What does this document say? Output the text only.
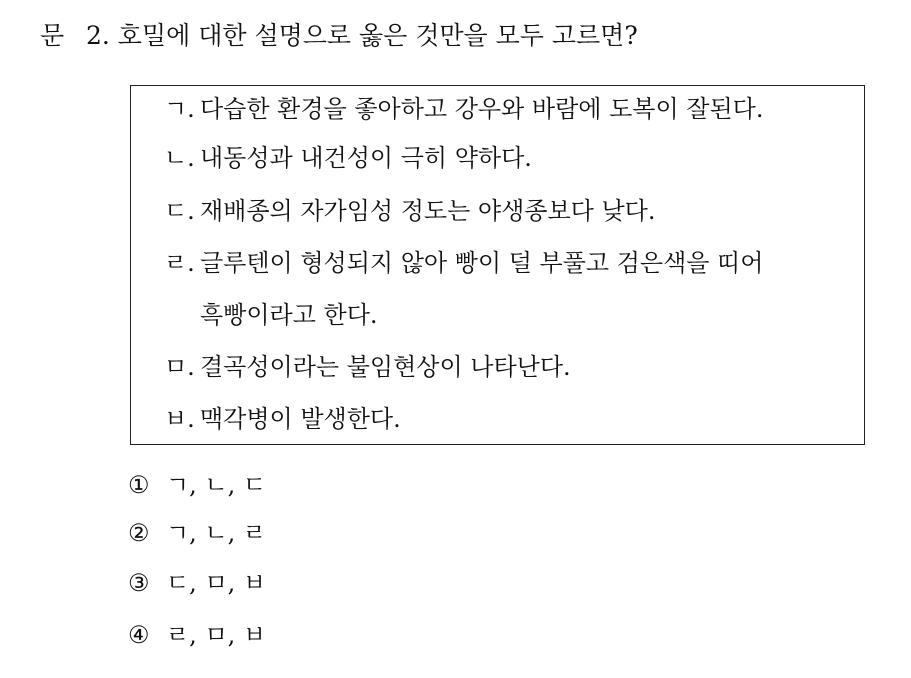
문 2. 호밀에 대한 설명으로 옳은 것만을 모두 고르면?
ㄱ. 다습한 환경을 좋아하고 강우와 바람에 도복이 잘된다.
ㄴ. 내동성과 내건성이 극히 약하다.
ㄷ. 재배종의 자가임성 정도는 야생종보다 낮다.
ㄹ. 글루텐이 형성되지 않아 빵이 덜 부풀고 검은색을 띠어
흑빵이라고 한다.
ㅁ. 결곡성이라는 불임현상이 나타난다.
ㅂ. 맥각병이 발생한다.
① ㄱ, ㄴ, ㄷ
② ㄱ, ㄴ, ㄹ
③ ㄷ, ㅁ, ㅂ
④ ㄹ, ㅁ, ㅂ
